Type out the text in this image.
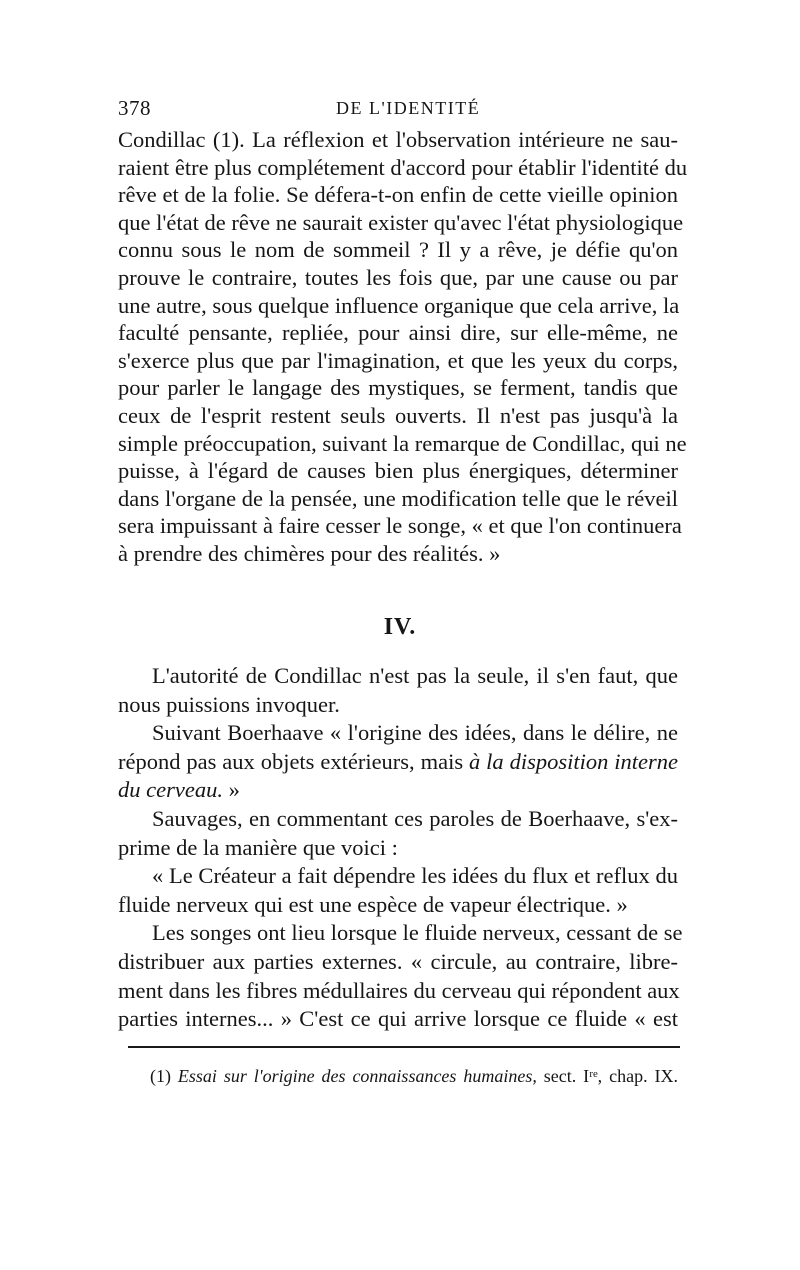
378	DE L'IDENTITÉ
Condillac (1). La réflexion et l'observation intérieure ne sau-
raient être plus complétement d'accord pour établir l'identité du
rêve et de la folie. Se défera-t-on enfin de cette vieille opinion
que l'état de rêve ne saurait exister qu'avec l'état physiologique
connu sous le nom de sommeil ? Il y a rêve, je défie qu'on
prouve le contraire, toutes les fois que, par une cause ou par
une autre, sous quelque influence organique que cela arrive, la
faculté pensante, repliée, pour ainsi dire, sur elle-même, ne
s'exerce plus que par l'imagination, et que les yeux du corps,
pour parler le langage des mystiques, se ferment, tandis que
ceux de l'esprit restent seuls ouverts. Il n'est pas jusqu'à la
simple préoccupation, suivant la remarque de Condillac, qui ne
puisse, à l'égard de causes bien plus énergiques, déterminer
dans l'organe de la pensée, une modification telle que le réveil
sera impuissant à faire cesser le songe, « et que l'on continuera
à prendre des chimères pour des réalités. »
IV.
L'autorité de Condillac n'est pas la seule, il s'en faut, que
nous puissions invoquer.
Suivant Boerhaave « l'origine des idées, dans le délire, ne
répond pas aux objets extérieurs, mais à la disposition interne
du cerveau. »
Sauvages, en commentant ces paroles de Boerhaave, s'ex-
prime de la manière que voici :
« Le Créateur a fait dépendre les idées du flux et reflux du
fluide nerveux qui est une espèce de vapeur électrique. »
Les songes ont lieu lorsque le fluide nerveux, cessant de se
distribuer aux parties externes. « circule, au contraire, libre-
ment dans les fibres médullaires du cerveau qui répondent aux
parties internes... » C'est ce qui arrive lorsque ce fluide « est
(1) Essai sur l'origine des connaissances humaines, sect. Iʳᵉ, chap. IX.
